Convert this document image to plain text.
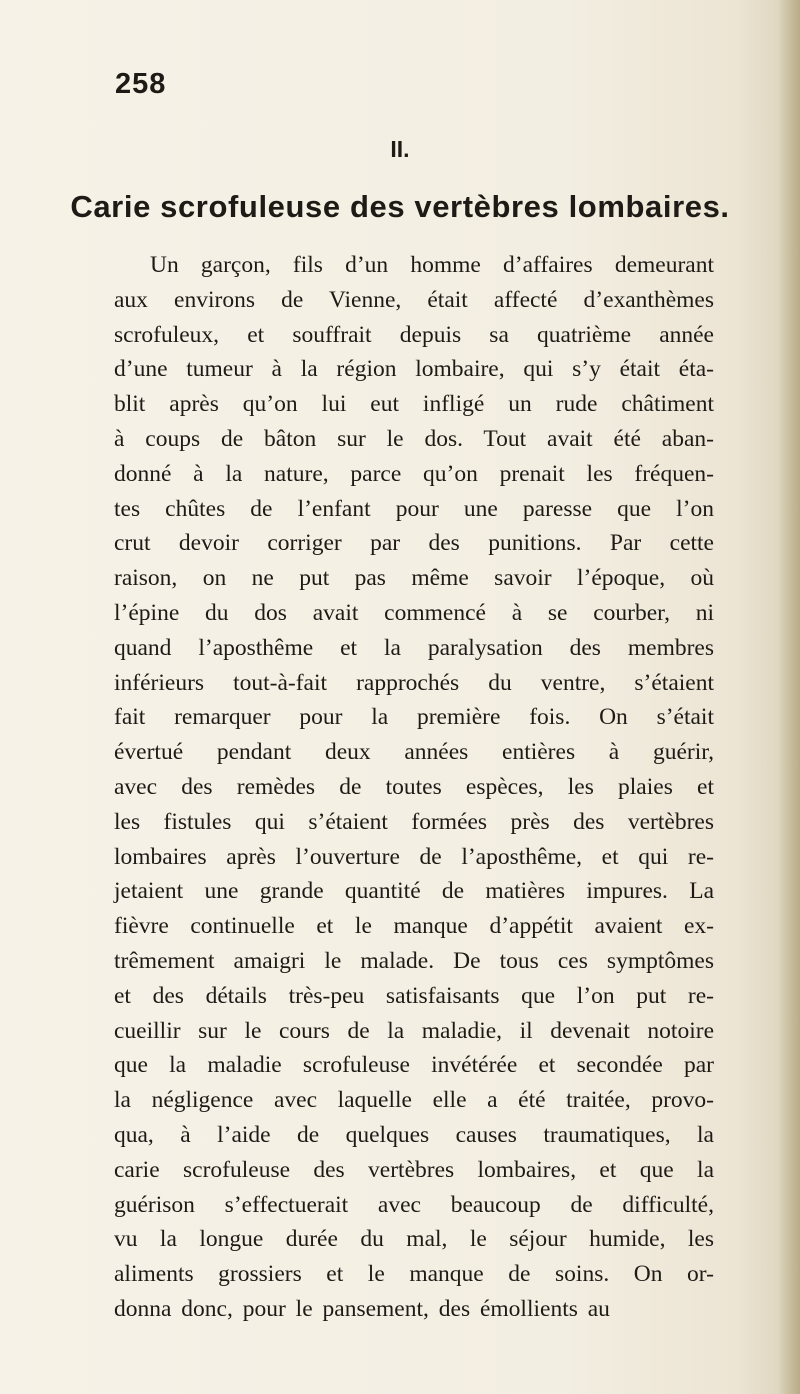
258
II.
Carie scrofuleuse des vertèbres lombaires.
Un garçon, fils d’un homme d’affaires demeurant
aux environs de Vienne, était affecté d’exanthèmes
scrofuleux, et souffrait depuis sa quatrième année
d’une tumeur à la région lombaire, qui s’y était éta-
blit après qu’on lui eut infligé un rude châtiment
à coups de bâton sur le dos. Tout avait été aban-
donné à la nature, parce qu’on prenait les fréquen-
tes chûtes de l’enfant pour une paresse que l’on
crut devoir corriger par des punitions. Par cette
raison, on ne put pas même savoir l’époque, où
l’épine du dos avait commencé à se courber, ni
quand l’aposthême et la paralysation des membres
inférieurs tout-à-fait rapprochés du ventre, s’étaient
fait remarquer pour la première fois. On s’était
évertué pendant deux années entières à guérir,
avec des remèdes de toutes espèces, les plaies et
les fistules qui s’étaient formées près des vertèbres
lombaires après l’ouverture de l’aposthême, et qui re-
jetaient une grande quantité de matières impures. La
fièvre continuelle et le manque d’appétit avaient ex-
trêmement amaigri le malade. De tous ces symptômes
et des détails très-peu satisfaisants que l’on put re-
cueillir sur le cours de la maladie, il devenait notoire
que la maladie scrofuleuse invétérée et secondée par
la négligence avec laquelle elle a été traitée, provo-
qua, à l’aide de quelques causes traumatiques, la
carie scrofuleuse des vertèbres lombaires, et que la
guérison s’effectuerait avec beaucoup de difficulté,
vu la longue durée du mal, le séjour humide, les
aliments grossiers et le manque de soins. On or-
donna donc, pour le pansement, des émollients au
